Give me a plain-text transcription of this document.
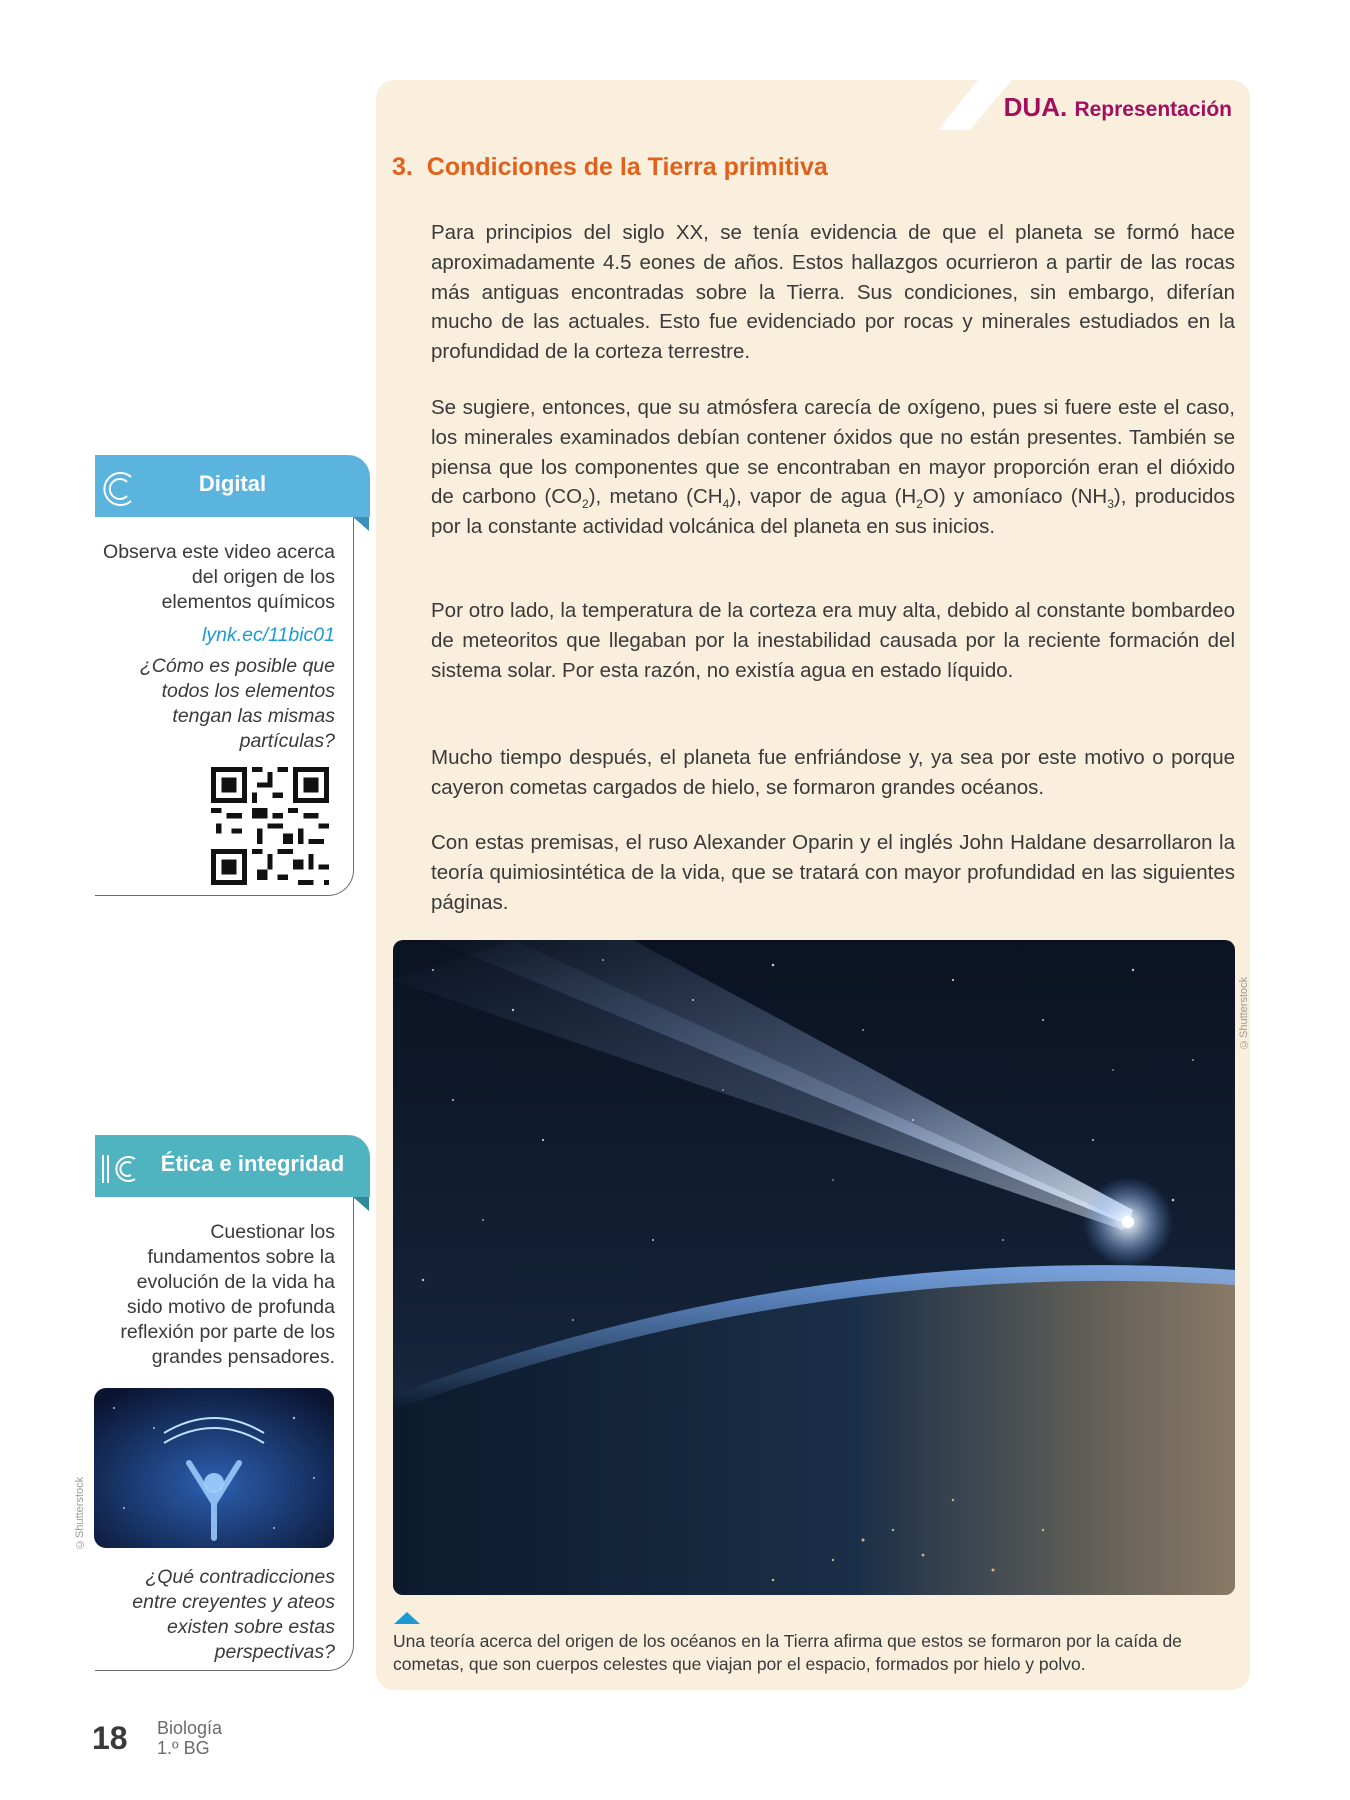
DUA. Representación
3. Condiciones de la Tierra primitiva

Para principios del siglo XX, se tenía evidencia de que el planeta se formó hace aproximadamente 4.5 eones de años. Estos hallazgos ocurrieron a partir de las rocas más antiguas encontradas sobre la Tierra. Sus condiciones, sin embargo, diferían mucho de las actuales. Esto fue evidenciado por rocas y minerales estudiados en la profundidad de la corteza terrestre.

Se sugiere, entonces, que su atmósfera carecía de oxígeno, pues si fuere este el caso, los minerales examinados debían contener óxidos que no están presentes. También se piensa que los componentes que se encontraban en mayor proporción eran el dióxido de carbono $(CO_2)$, metano $(CH_4)$, vapor de agua $(H_2O)$ y amoníaco $(NH_3)$, producidos por la constante actividad volcánica del planeta en sus inicios.

Por otro lado, la temperatura de la corteza era muy alta, debido al constante bombardeo de meteoritos que llegaban por la inestabilidad causada por la reciente formación del sistema solar. Por esta razón, no existía agua en estado líquido.

Mucho tiempo después, el planeta fue enfriándose y, ya sea por este motivo o porque cayeron cometas cargados de hielo, se formaron grandes océanos.

Con estas premisas, el ruso Alexander Oparin y el inglés John Haldane desarrollaron la teoría quimiosintética de la vida, que se tratará con mayor profundidad en las siguientes páginas.

©Shutterstock
Una teoría acerca del origen de los océanos en la Tierra afirma que estos se formaron por la caída de cometas, que son cuerpos celestes que viajan por el espacio, formados por hielo y polvo.
Digital
Observa este video acerca del origen de los elementos químicos
lynk.ec/11bic01
¿Cómo es posible que todos los elementos tengan las mismas partículas?
Ética e integridad
Cuestionar los fundamentos sobre la evolución de la vida ha sido motivo de profunda reflexión por parte de los grandes pensadores.
©Shutterstock
¿Qué contradicciones entre creyentes y ateos existen sobre estas perspectivas?
18 Biología
1.º BG
